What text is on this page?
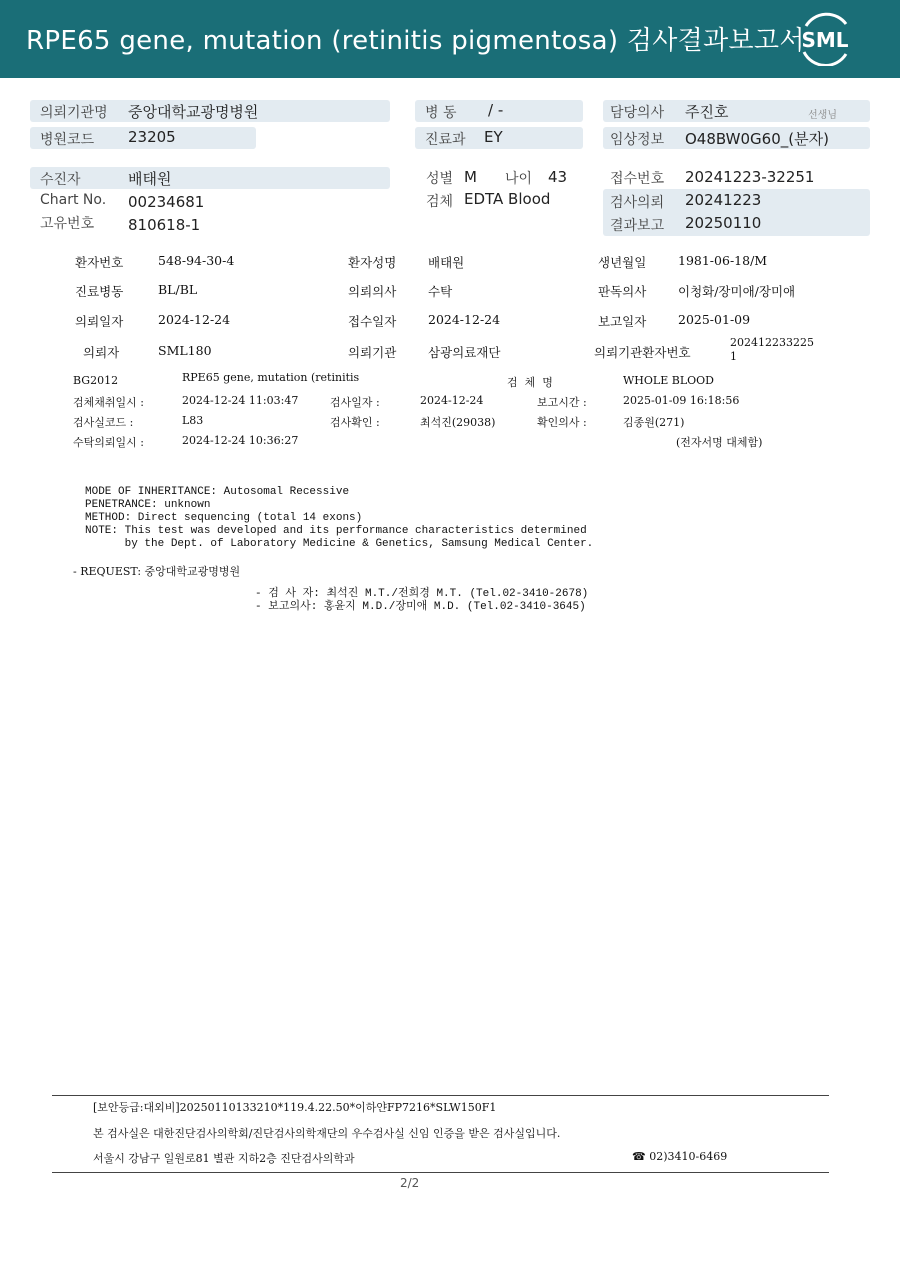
RPE65 gene, mutation (retinitis pigmentosa) 검사결과보고서
SML
의뢰기관명 중앙대학교광명병원
병원코드 23205
병 동 / -
진료과 EY
담당의사 주진호	선생님
임상정보 O48BW0G60_(분자)
수진자	배태원
Chart No. 00234681
고유번호 810618-1
성별 M 나이 43
검체 EDTA Blood
접수번호 20241223-32251
검사의뢰 20241223
결과보고 20250110
환자번호	548-94-30-4	환자성명	배태원	생년월일	1981-06-18/M
진료병동	BL/BL	의뢰의사	수탁	판독의사	이청화/장미애/장미애
의뢰일자	2024-12-24	접수일자	2024-12-24	보고일자	2025-01-09
의뢰자	SML180	의뢰기관	삼광의료재단	의뢰기관환자번호
202412233225
1
BG2012	RPE65 gene, mutation (retinitis	검  체  명	WHOLE BLOOD
검체채취일시 :	2024-12-24 11:03:47	검사일자 :	2024-12-24	보고시간 :	2025-01-09 16:18:56
검사실코드 :	L83	검사확인 :	최석진(29038)	확인의사 :	김종원(271)
수탁의뢰일시 :	2024-12-24 10:36:27	(전자서명 대체함)
MODE OF INHERITANCE: Autosomal Recessive
PENETRANCE: unknown
METHOD: Direct sequencing (total 14 exons)
NOTE: This test was developed and its performance characteristics determined
by the Dept. of Laboratory Medicine & Genetics, Samsung Medical Center.
- REQUEST: 중앙대학교광명병원
- 검 사 자: 최석진 M.T./전희경 M.T. (Tel.02-3410-2678)
- 보고의사: 홍윤지 M.D./장미애 M.D. (Tel.02-3410-3645)
[보안등급:대외비]20250110133210*119.4.22.50*이하얀FP7216*SLW150F1
본 검사실은 대한진단검사의학회/진단검사의학재단의 우수검사실 신임 인증을 받은 검사실입니다.
서울시 강남구 일원로81 별관 지하2층 진단검사의학과	☎ 02)3410-6469
2/2
